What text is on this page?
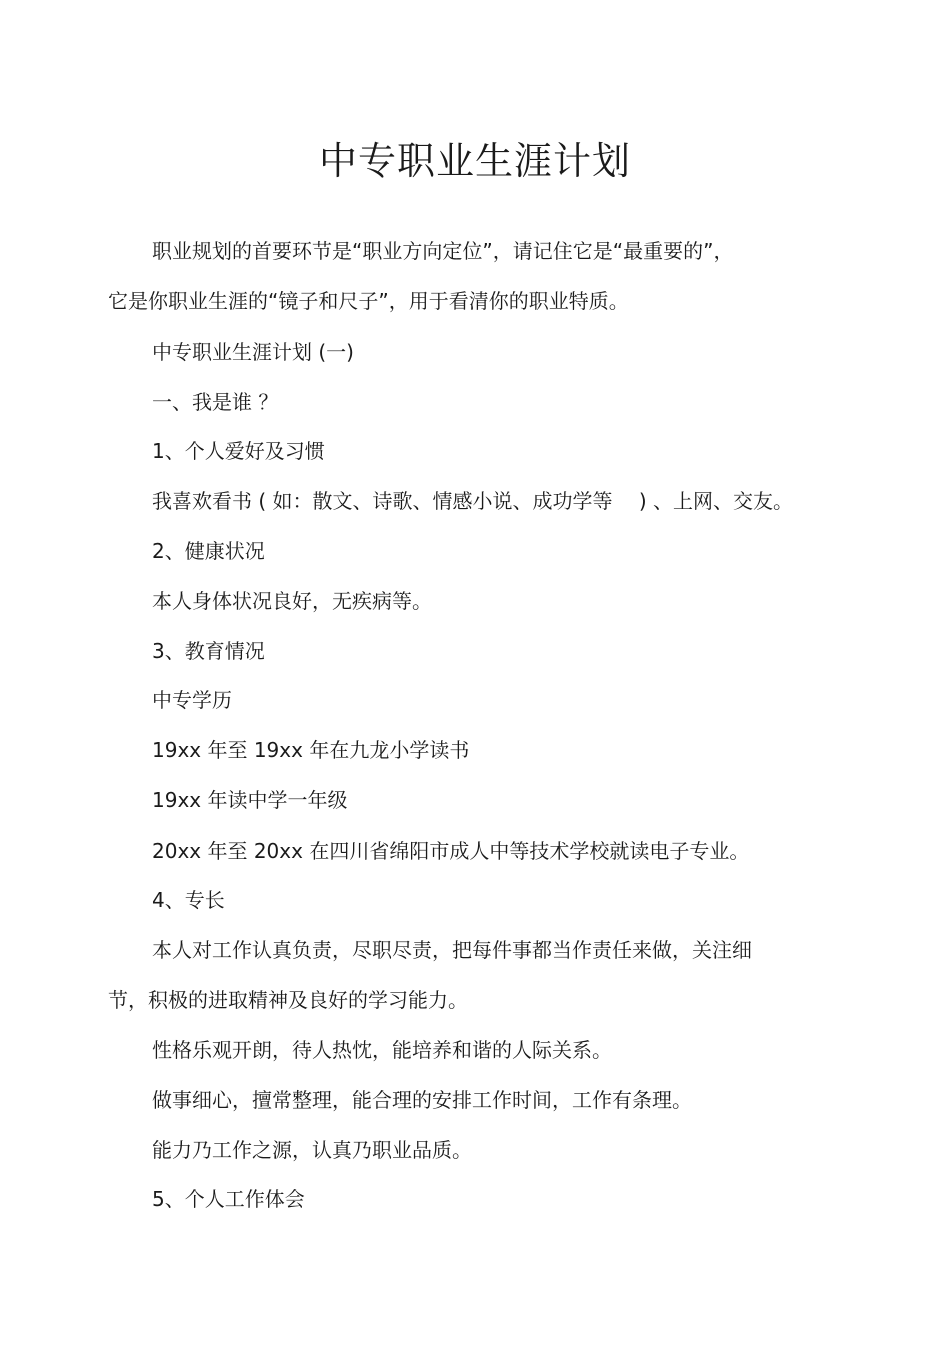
中专职业生涯计划

职业规划的首要环节是“职业方向定位”，请记住它是“最重要的”，

它是你职业生涯的“镜子和尺子”，用于看清你的职业特质。

中专职业生涯计划 (一)

一、我是谁 ？

1、个人爱好及习惯

我喜欢看书 ( 如：散文、诗歌、情感小说、成功学等　 ) 、上网、交友。

2、健康状况

本人身体状况良好，无疾病等。

3、教育情况

中专学历

19xx 年至 19xx 年在九龙小学读书

19xx 年读中学一年级

20xx 年至 20xx 在四川省绵阳市成人中等技术学校就读电子专业。

4、专长

本人对工作认真负责，尽职尽责，把每件事都当作责任来做，关注细

节，积极的进取精神及良好的学习能力。

性格乐观开朗，待人热忱，能培养和谐的人际关系。

做事细心，擅常整理，能合理的安排工作时间，工作有条理。

能力乃工作之源，认真乃职业品质。

5、个人工作体会
